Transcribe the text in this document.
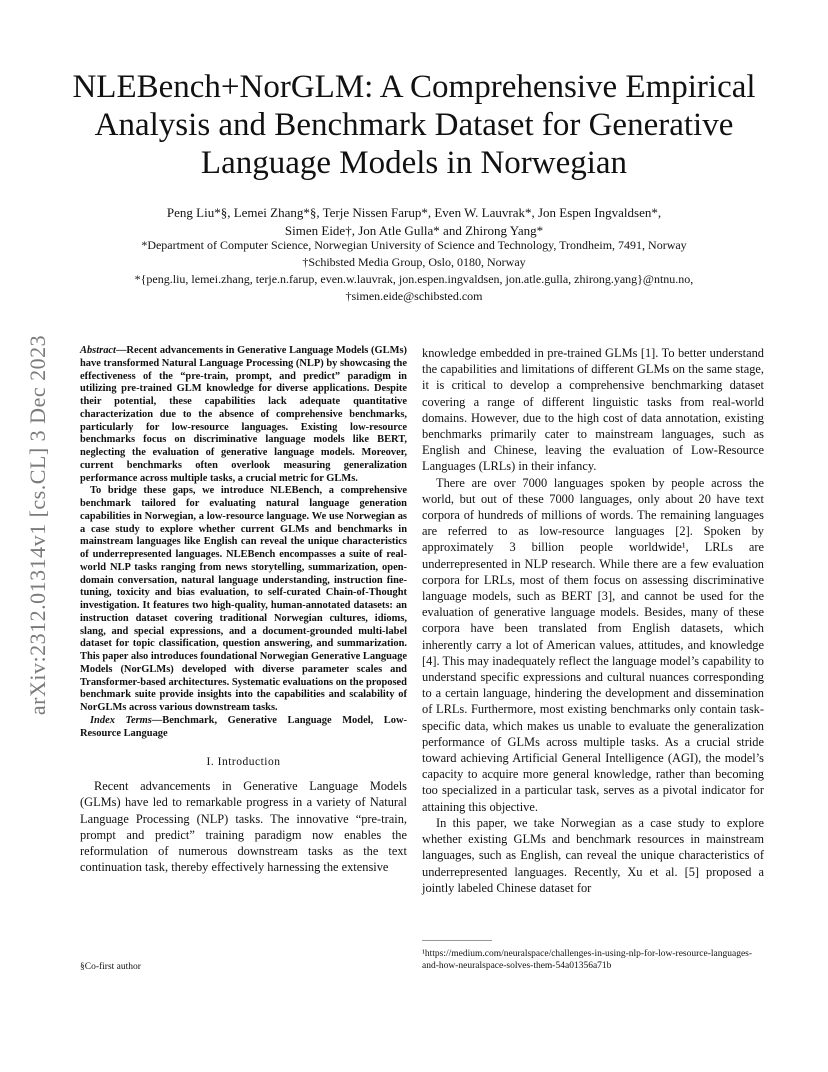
arXiv:2312.01314v1 [cs.CL] 3 Dec 2023
NLEBench+NorGLM: A Comprehensive Empirical Analysis and Benchmark Dataset for Generative Language Models in Norwegian
Peng Liu*§, Lemei Zhang*§, Terje Nissen Farup*, Even W. Lauvrak*, Jon Espen Ingvaldsen*,
Simen Eide†, Jon Atle Gulla* and Zhirong Yang*
*Department of Computer Science, Norwegian University of Science and Technology, Trondheim, 7491, Norway
†Schibsted Media Group, Oslo, 0180, Norway
*{peng.liu, lemei.zhang, terje.n.farup, even.w.lauvrak, jon.espen.ingvaldsen, jon.atle.gulla, zhirong.yang}@ntnu.no,
†simen.eide@schibsted.com

Abstract—Recent advancements in Generative Language Models (GLMs) have transformed Natural Language Processing (NLP) by showcasing the effectiveness of the “pre-train, prompt, and predict” paradigm in utilizing pre-trained GLM knowledge for diverse applications. Despite their potential, these capabilities lack adequate quantitative characterization due to the absence of comprehensive benchmarks, particularly for low-resource languages. Existing low-resource benchmarks focus on discriminative language models like BERT, neglecting the evaluation of generative language models. Moreover, current benchmarks often overlook measuring generalization performance across multiple tasks, a crucial metric for GLMs.

To bridge these gaps, we introduce NLEBench, a comprehensive benchmark tailored for evaluating natural language generation capabilities in Norwegian, a low-resource language. We use Norwegian as a case study to explore whether current GLMs and benchmarks in mainstream languages like English can reveal the unique characteristics of underrepresented languages. NLEBench encompasses a suite of real-world NLP tasks ranging from news storytelling, summarization, open-domain conversation, natural language understanding, instruction fine-tuning, toxicity and bias evaluation, to self-curated Chain-of-Thought investigation. It features two high-quality, human-annotated datasets: an instruction dataset covering traditional Norwegian cultures, idioms, slang, and special expressions, and a document-grounded multi-label dataset for topic classification, question answering, and summarization. This paper also introduces foundational Norwegian Generative Language Models (NorGLMs) developed with diverse parameter scales and Transformer-based architectures. Systematic evaluations on the proposed benchmark suite provide insights into the capabilities and scalability of NorGLMs across various downstream tasks.

Index Terms—Benchmark, Generative Language Model, Low-Resource Language
I. Introduction

Recent advancements in Generative Language Models (GLMs) have led to remarkable progress in a variety of Natural Language Processing (NLP) tasks. The innovative “pre-train, prompt and predict” training paradigm now enables the reformulation of numerous downstream tasks as the text continuation task, thereby effectively harnessing the extensive

knowledge embedded in pre-trained GLMs [1]. To better understand the capabilities and limitations of different GLMs on the same stage, it is critical to develop a comprehensive benchmarking dataset covering a range of different linguistic tasks from real-world domains. However, due to the high cost of data annotation, existing benchmarks primarily cater to mainstream languages, such as English and Chinese, leaving the evaluation of Low-Resource Languages (LRLs) in their infancy.

There are over 7000 languages spoken by people across the world, but out of these 7000 languages, only about 20 have text corpora of hundreds of millions of words. The remaining languages are referred to as low-resource languages [2]. Spoken by approximately 3 billion people worldwide¹, LRLs are underrepresented in NLP research. While there are a few evaluation corpora for LRLs, most of them focus on assessing discriminative language models, such as BERT [3], and cannot be used for the evaluation of generative language models. Besides, many of these corpora have been translated from English datasets, which inherently carry a lot of American values, attitudes, and knowledge [4]. This may inadequately reflect the language model’s capability to understand specific expressions and cultural nuances corresponding to a certain language, hindering the development and dissemination of LRLs. Furthermore, most existing benchmarks only contain task-specific data, which makes us unable to evaluate the generalization performance of GLMs across multiple tasks. As a crucial stride toward achieving Artificial General Intelligence (AGI), the model’s capacity to acquire more general knowledge, rather than becoming too specialized in a particular task, serves as a pivotal indicator for attaining this objective.

In this paper, we take Norwegian as a case study to explore whether existing GLMs and benchmark resources in mainstream languages, such as English, can reveal the unique characteristics of underrepresented languages. Recently, Xu et al. [5] proposed a jointly labeled Chinese dataset for

§Co-first author
¹https://medium.com/neuralspace/challenges-in-using-nlp-for-low-resource-languages-and-how-neuralspace-solves-them-54a01356a71b
